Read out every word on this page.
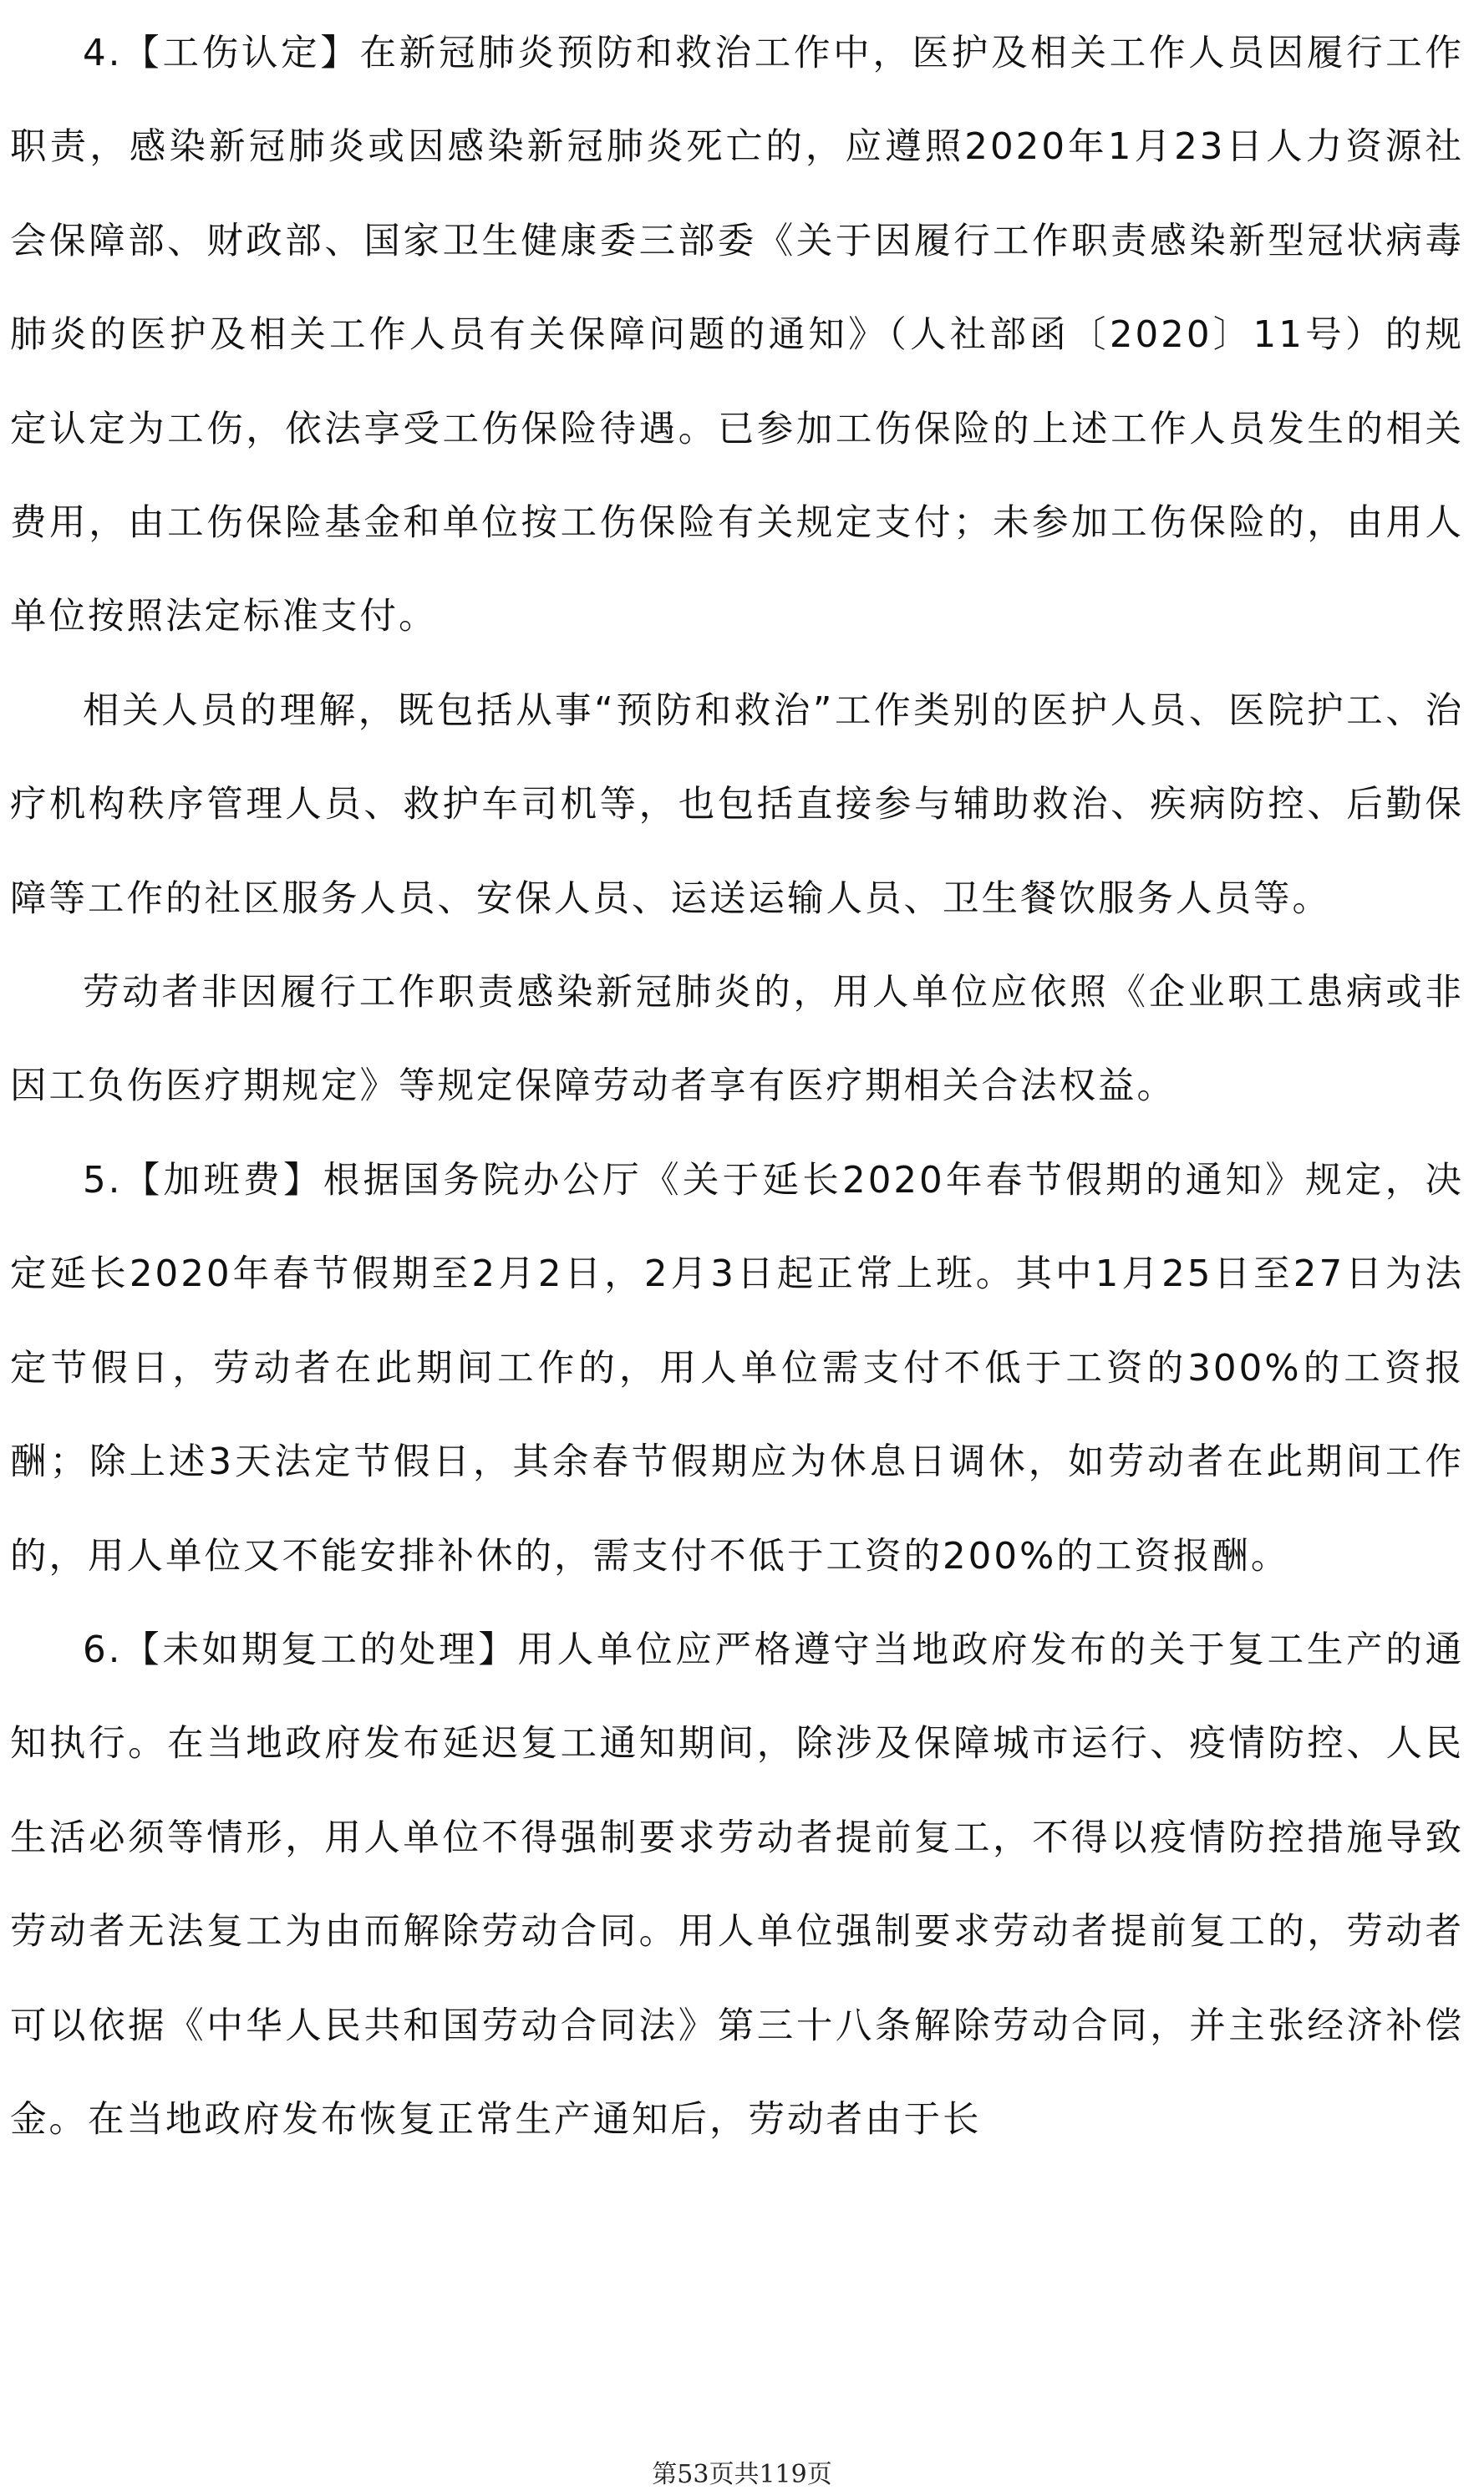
4.【工伤认定】在新冠肺炎预防和救治工作中，医护及相关工作人员因履行工作职责，感染新冠肺炎或因感染新冠肺炎死亡的，应遵照2020年1月23日人力资源社会保障部、财政部、国家卫生健康委三部委《关于因履行工作职责感染新型冠状病毒肺炎的医护及相关工作人员有关保障问题的通知》（人社部函〔2020〕11号）的规定认定为工伤，依法享受工伤保险待遇。已参加工伤保险的上述工作人员发生的相关费用，由工伤保险基金和单位按工伤保险有关规定支付；未参加工伤保险的，由用人单位按照法定标准支付。

相关人员的理解，既包括从事“预防和救治”工作类别的医护人员、医院护工、治疗机构秩序管理人员、救护车司机等，也包括直接参与辅助救治、疾病防控、后勤保障等工作的社区服务人员、安保人员、运送运输人员、卫生餐饮服务人员等。

劳动者非因履行工作职责感染新冠肺炎的，用人单位应依照《企业职工患病或非因工负伤医疗期规定》等规定保障劳动者享有医疗期相关合法权益。

5.【加班费】根据国务院办公厅《关于延长2020年春节假期的通知》规定，决定延长2020年春节假期至2月2日，2月3日起正常上班。其中1月25日至27日为法定节假日，劳动者在此期间工作的，用人单位需支付不低于工资的300%的工资报酬；除上述3天法定节假日，其余春节假期应为休息日调休，如劳动者在此期间工作的，用人单位又不能安排补休的，需支付不低于工资的200%的工资报酬。

6.【未如期复工的处理】用人单位应严格遵守当地政府发布的关于复工生产的通知执行。在当地政府发布延迟复工通知期间，除涉及保障城市运行、疫情防控、人民生活必须等情形，用人单位不得强制要求劳动者提前复工，不得以疫情防控措施导致劳动者无法复工为由而解除劳动合同。用人单位强制要求劳动者提前复工的，劳动者可以依据《中华人民共和国劳动合同法》第三十八条解除劳动合同，并主张经济补偿金。在当地政府发布恢复正常生产通知后，劳动者由于长

第53页共119页
